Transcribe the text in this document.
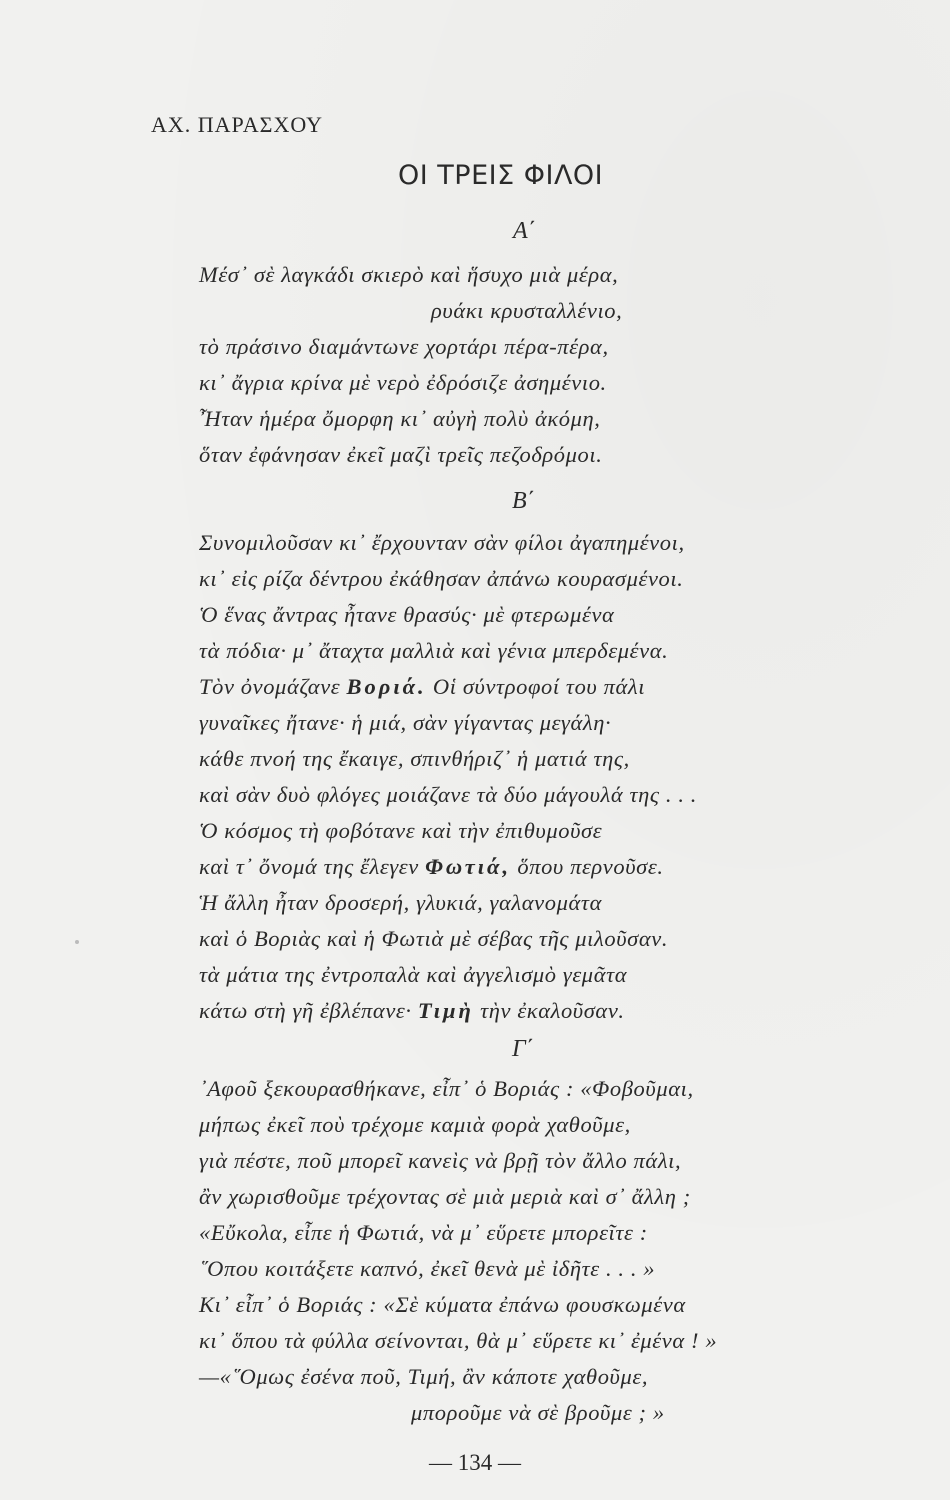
ΑΧ. ΠΑΡΑΣΧΟΥ
ΟΙ ΤΡΕΙΣ ΦΙΛΟΙ
Α΄
Μέσ᾽ σὲ λαγκάδι σκιερὸ καὶ ἥσυχο μιὰ μέρα,
ρυάκι κρυσταλλένιο,
τὸ πράσινο διαμάντωνε χορτάρι πέρα-πέρα,
κι᾽ ἄγρια κρίνα μὲ νερὸ ἐδρόσιζε ἀσημένιο.
Ἦταν ἡμέρα ὄμορφη κι᾽ αὐγὴ πολὺ ἀκόμη,
ὅταν ἐφάνησαν ἐκεῖ μαζὶ τρεῖς πεζοδρόμοι.
Β΄
Συνομιλοῦσαν κι᾽ ἔρχουνταν σὰν φίλοι ἀγαπημένοι,
κι᾽ εἰς ρίζα δέντρου ἐκάθησαν ἀπάνω κουρασμένοι.
Ὁ ἕνας ἄντρας ἦτανε θρασύς· μὲ φτερωμένα
τὰ πόδια· μ᾽ ἄταχτα μαλλιὰ καὶ γένια μπερδεμένα.
Τὸν ὀνομάζανε Βοριά. Οἱ σύντροφοί του πάλι
γυναῖκες ἤτανε· ἡ μιά, σὰν γίγαντας μεγάλη·
κάθε πνοή της ἔκαιγε, σπινθήριζ᾽ ἡ ματιά της,
καὶ σὰν δυὸ φλόγες μοιάζανε τὰ δύο μάγουλά της . . .
Ὁ κόσμος τὴ φοβότανε καὶ τὴν ἐπιθυμοῦσε
καὶ τ᾽ ὄνομά της ἔλεγεν Φωτιά, ὅπου περνοῦσε.
Ἡ ἄλλη ἦταν δροσερή, γλυκιά, γαλανομάτα
καὶ ὁ Βοριὰς καὶ ἡ Φωτιὰ μὲ σέβας τῆς μιλοῦσαν.
τὰ μάτια της ἐντροπαλὰ καὶ ἀγγελισμὸ γεμᾶτα
κάτω στὴ γῆ ἐβλέπανε· Τιμὴ τὴν ἐκαλοῦσαν.
Γ΄
᾽Αφοῦ ξεκουρασθήκανε, εἶπ᾽ ὁ Βοριάς : «Φοβοῦμαι,
μήπως ἐκεῖ ποὺ τρέχομε καμιὰ φορὰ χαθοῦμε,
γιὰ πέστε, ποῦ μπορεῖ κανεὶς νὰ βρῇ τὸν ἄλλο πάλι,
ἂν χωρισθοῦμε τρέχοντας σὲ μιὰ μεριὰ καὶ σ᾽ ἄλλη ;
«Εὔκολα, εἶπε ἡ Φωτιά, νὰ μ᾽ εὕρετε μπορεῖτε :
῞Οπου κοιτάξετε καπνό, ἐκεῖ θενὰ μὲ ἰδῆτε . . . »
Κι᾽ εἶπ᾽ ὁ Βοριάς : «Σὲ κύματα ἐπάνω φουσκωμένα
κι᾽ ὅπου τὰ φύλλα σείνονται, θὰ μ᾽ εὕρετε κι᾽ ἐμένα ! »
—«῞Ομως ἐσένα ποῦ, Τιμή, ἂν κάποτε χαθοῦμε,
μποροῦμε νὰ σὲ βροῦμε ; »
— 134 —
